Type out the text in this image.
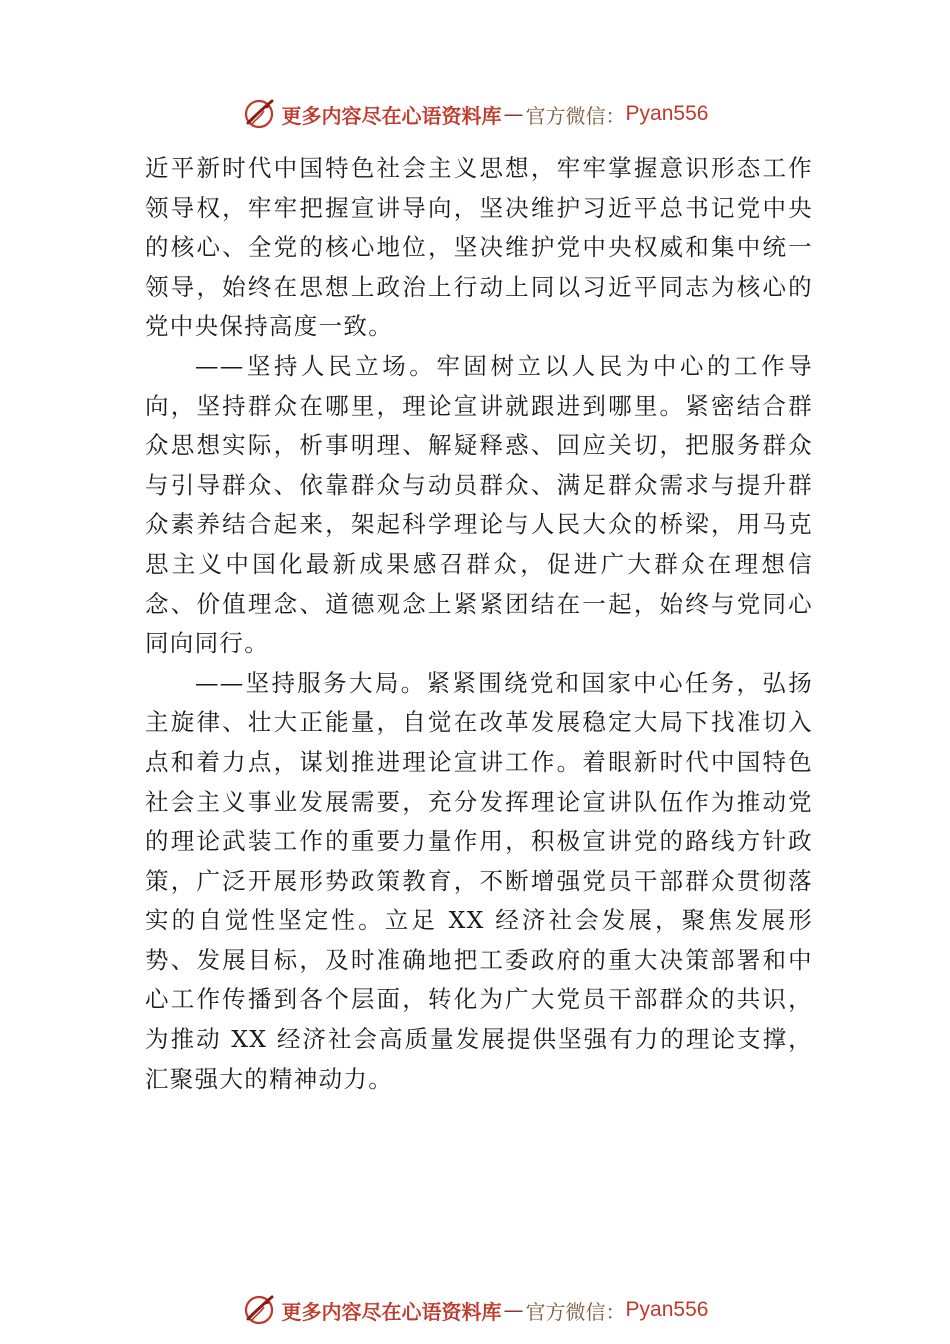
更多内容尽在心语资料库 — 官方微信： Pyan556

近平新时代中国特色社会主义思想，牢牢掌握意识形态工作领导权，牢牢把握宣讲导向，坚决维护习近平总书记党中央的核心、全党的核心地位，坚决维护党中央权威和集中统一领导，始终在思想上政治上行动上同以习近平同志为核心的党中央保持高度一致。

——坚持人民立场。牢固树立以人民为中心的工作导向，坚持群众在哪里，理论宣讲就跟进到哪里。紧密结合群众思想实际，析事明理、解疑释惑、回应关切，把服务群众与引导群众、依靠群众与动员群众、满足群众需求与提升群众素养结合起来，架起科学理论与人民大众的桥梁，用马克思主义中国化最新成果感召群众，促进广大群众在理想信念、价值理念、道德观念上紧紧团结在一起，始终与党同心同向同行。

——坚持服务大局。紧紧围绕党和国家中心任务，弘扬主旋律、壮大正能量，自觉在改革发展稳定大局下找准切入点和着力点，谋划推进理论宣讲工作。着眼新时代中国特色社会主义事业发展需要，充分发挥理论宣讲队伍作为推动党的理论武装工作的重要力量作用，积极宣讲党的路线方针政策，广泛开展形势政策教育，不断增强党员干部群众贯彻落实的自觉性坚定性。立足 XX 经济社会发展，聚焦发展形势、发展目标，及时准确地把工委政府的重大决策部署和中心工作传播到各个层面，转化为广大党员干部群众的共识，为推动 XX 经济社会高质量发展提供坚强有力的理论支撑，汇聚强大的精神动力。

更多内容尽在心语资料库 — 官方微信： Pyan556
